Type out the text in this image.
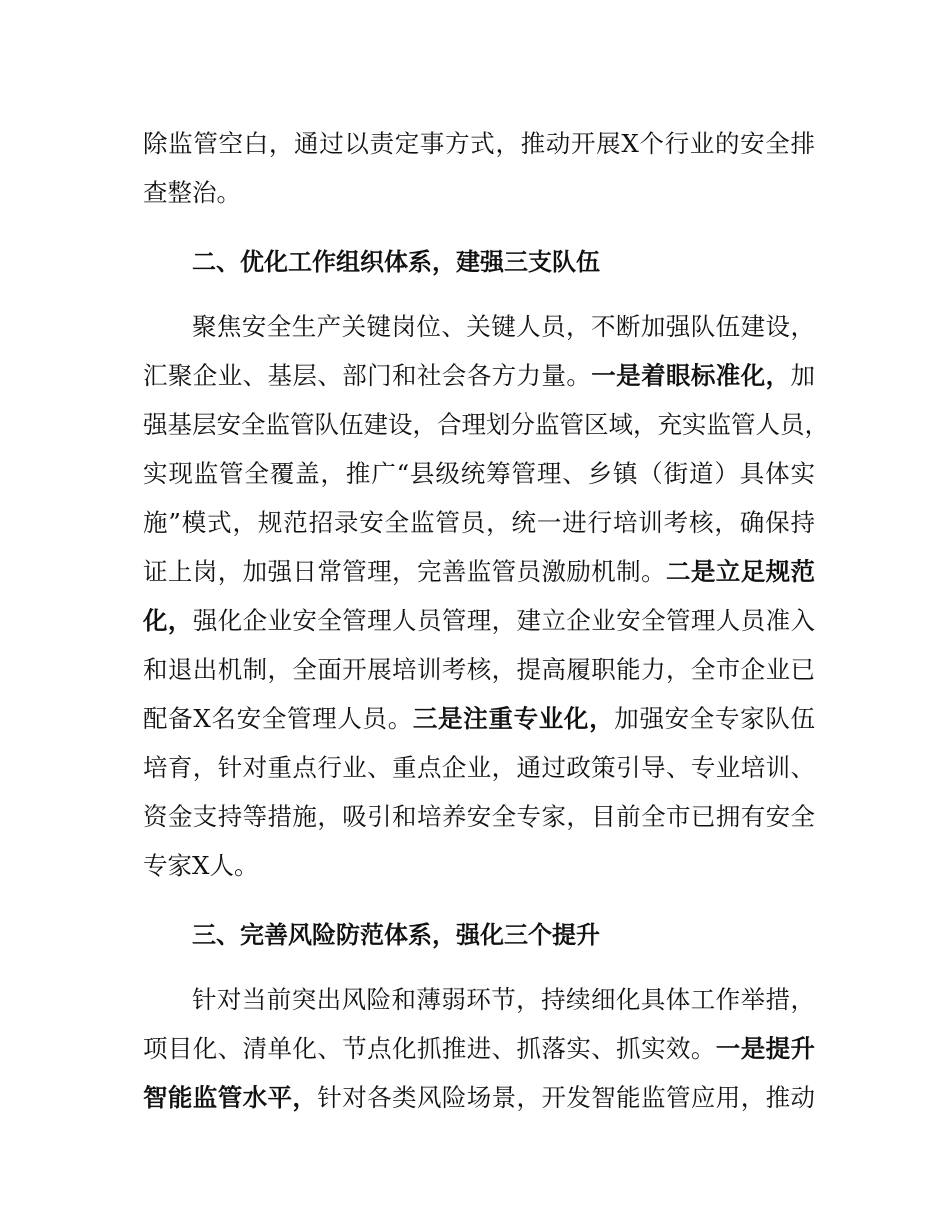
除监管空白，通过以责定事方式，推动开展X个行业的安全排
查整治。
二、优化工作组织体系，建强三支队伍
聚焦安全生产关键岗位、关键人员，不断加强队伍建设，
汇聚企业、基层、部门和社会各方力量。一是着眼标准化，加
强基层安全监管队伍建设，合理划分监管区域，充实监管人员，
实现监管全覆盖，推广“县级统筹管理、乡镇（街道）具体实
施”模式，规范招录安全监管员，统一进行培训考核，确保持
证上岗，加强日常管理，完善监管员激励机制。二是立足规范
化，强化企业安全管理人员管理，建立企业安全管理人员准入
和退出机制，全面开展培训考核，提高履职能力，全市企业已
配备X名安全管理人员。三是注重专业化，加强安全专家队伍
培育，针对重点行业、重点企业，通过政策引导、专业培训、
资金支持等措施，吸引和培养安全专家，目前全市已拥有安全
专家X人。
三、完善风险防范体系，强化三个提升
针对当前突出风险和薄弱环节，持续细化具体工作举措，
项目化、清单化、节点化抓推进、抓落实、抓实效。一是提升
智能监管水平，针对各类风险场景，开发智能监管应用，推动
